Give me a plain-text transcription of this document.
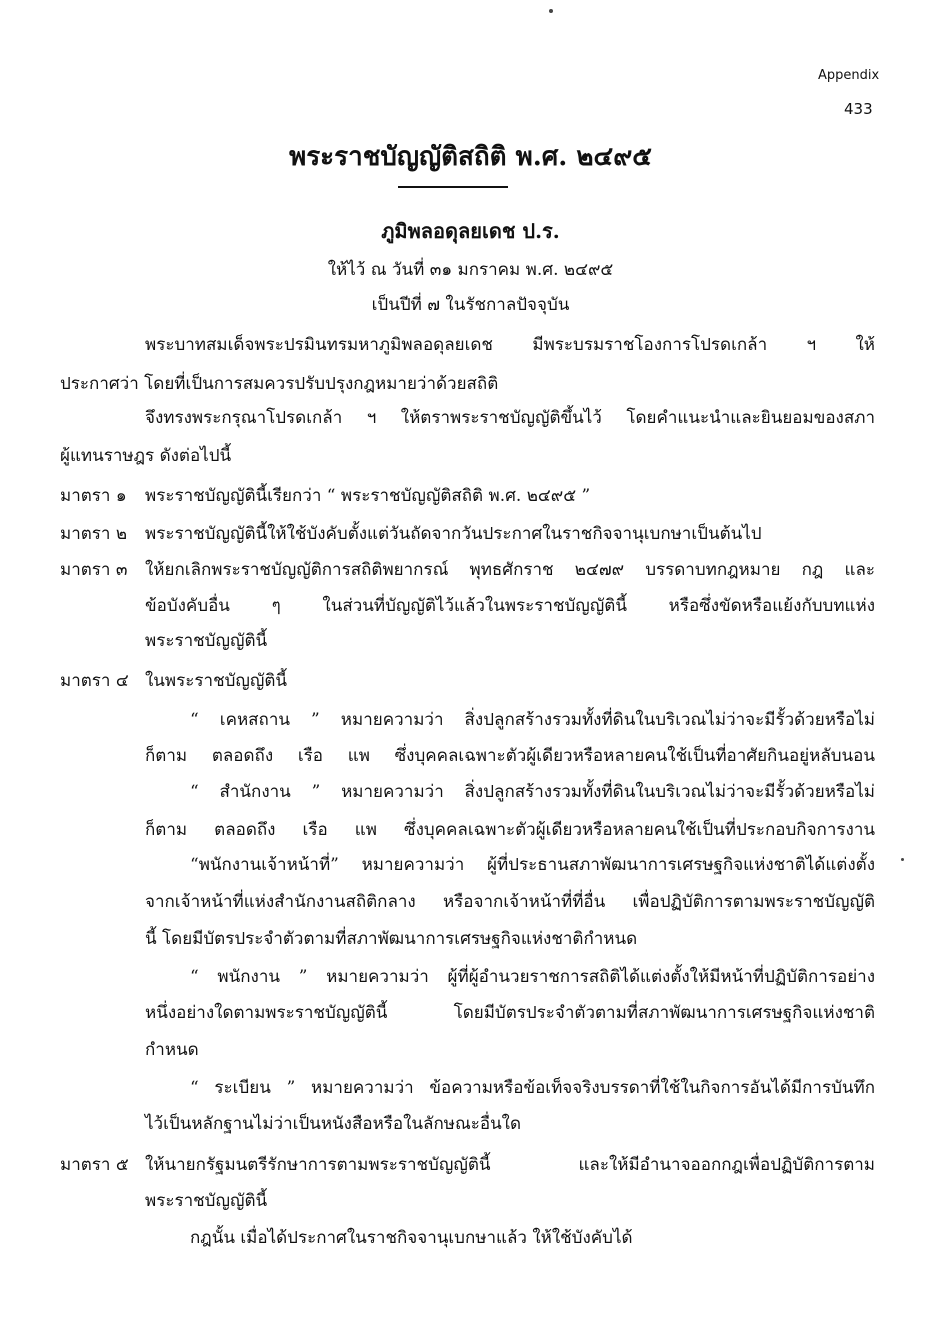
Appendix
433
พระราชบัญญัติสถิติ พ.ศ. ๒๔๙๕
ภูมิพลอดุลยเดช ป.ร.
ให้ไว้ ณ วันที่ ๓๑ มกราคม พ.ศ. ๒๔๙๕
เป็นปีที่ ๗ ในรัชกาลปัจจุบัน
พระบาทสมเด็จพระปรมินทรมหาภูมิพลอดุลยเดช มีพระบรมราชโองการโปรดเกล้า ฯ ให้
ประกาศว่า โดยที่เป็นการสมควรปรับปรุงกฎหมายว่าด้วยสถิติ
จึงทรงพระกรุณาโปรดเกล้า ฯ ให้ตราพระราชบัญญัติขึ้นไว้ โดยคำแนะนำและยินยอมของสภา
ผู้แทนราษฎร ดังต่อไปนี้
มาตรา ๑ พระราชบัญญัตินี้เรียกว่า “ พระราชบัญญัติสถิติ พ.ศ. ๒๔๙๕ ”
มาตรา ๒ พระราชบัญญัตินี้ให้ใช้บังคับตั้งแต่วันถัดจากวันประกาศในราชกิจจานุเบกษาเป็นต้นไป
มาตรา ๓ ให้ยกเลิกพระราชบัญญัติการสถิติพยากรณ์ พุทธศักราช ๒๔๗๙ บรรดาบทกฎหมาย กฎ และ
ข้อบังคับอื่น ๆ ในส่วนที่บัญญัติไว้แล้วในพระราชบัญญัตินี้ หรือซึ่งขัดหรือแย้งกับบทแห่ง
พระราชบัญญัตินี้
มาตรา ๔ ในพระราชบัญญัตินี้
“ เคหสถาน ” หมายความว่า สิ่งปลูกสร้างรวมทั้งที่ดินในบริเวณไม่ว่าจะมีรั้วด้วยหรือไม่
ก็ตาม ตลอดถึง เรือ แพ ซึ่งบุคคลเฉพาะตัวผู้เดียวหรือหลายคนใช้เป็นที่อาศัยกินอยู่หลับนอน
“ สำนักงาน ” หมายความว่า สิ่งปลูกสร้างรวมทั้งที่ดินในบริเวณไม่ว่าจะมีรั้วด้วยหรือไม่
ก็ตาม ตลอดถึง เรือ แพ ซึ่งบุคคลเฉพาะตัวผู้เดียวหรือหลายคนใช้เป็นที่ประกอบกิจการงาน
“พนักงานเจ้าหน้าที่” หมายความว่า ผู้ที่ประธานสภาพัฒนาการเศรษฐกิจแห่งชาติได้แต่งตั้ง
จากเจ้าหน้าที่แห่งสำนักงานสถิติกลาง หรือจากเจ้าหน้าที่ที่อื่น เพื่อปฏิบัติการตามพระราชบัญญัติ
นี้ โดยมีบัตรประจำตัวตามที่สภาพัฒนาการเศรษฐกิจแห่งชาติกำหนด
“ พนักงาน ” หมายความว่า ผู้ที่ผู้อำนวยราชการสถิติได้แต่งตั้งให้มีหน้าที่ปฏิบัติการอย่าง
หนึ่งอย่างใดตามพระราชบัญญัตินี้ โดยมีบัตรประจำตัวตามที่สภาพัฒนาการเศรษฐกิจแห่งชาติ
กำหนด
“ ระเบียน ” หมายความว่า ข้อความหรือข้อเท็จจริงบรรดาที่ใช้ในกิจการอันได้มีการบันทึก
ไว้เป็นหลักฐานไม่ว่าเป็นหนังสือหรือในลักษณะอื่นใด
มาตรา ๕ ให้นายกรัฐมนตรีรักษาการตามพระราชบัญญัตินี้ และให้มีอำนาจออกกฎเพื่อปฏิบัติการตาม
พระราชบัญญัตินี้
กฎนั้น เมื่อได้ประกาศในราชกิจจานุเบกษาแล้ว ให้ใช้บังคับได้
